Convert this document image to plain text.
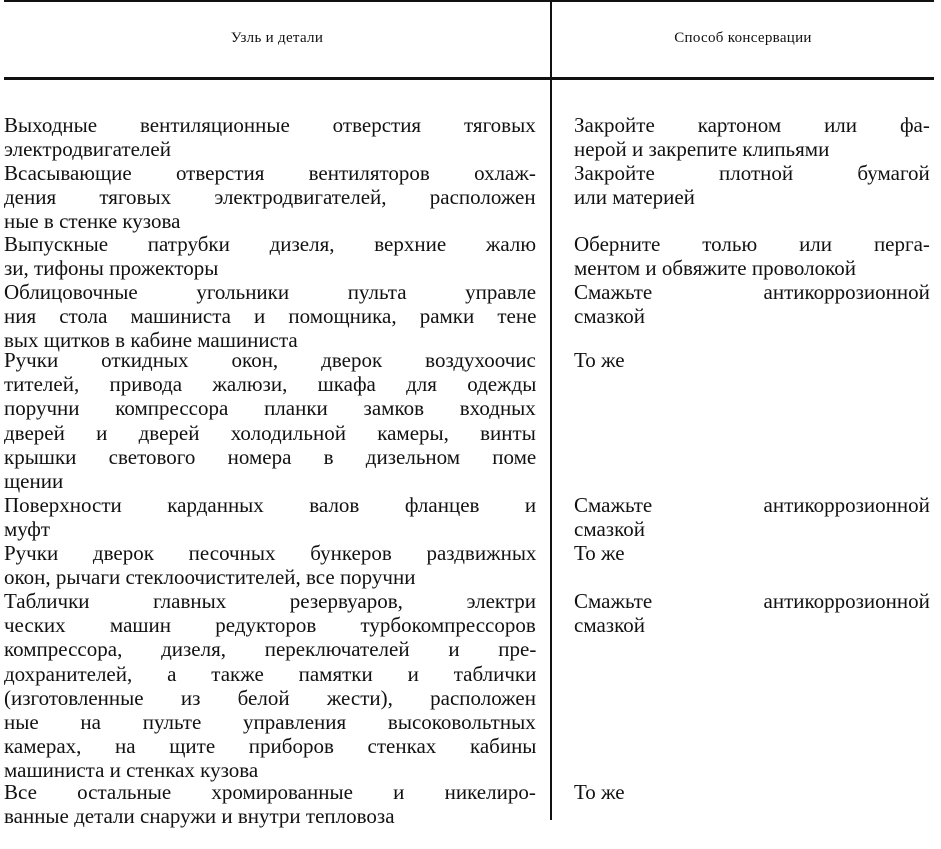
Узль и детали	Способ консервации
Выходные вентиляционные отверстия тяговых
электродвигателей
Закройте картоном или фа-
нерой и закрепите клипьями
Всасывающие отверстия вентиляторов охлаж-
дения тяговых электродвигателей, расположен
ные в стенке кузова
Закройте плотной бумагой
или материей
Выпускные патрубки дизеля, верхние жалю
зи, тифоны прожекторы
Оберните толью или перга-
ментом и обвяжите проволокой
Облицовочные угольники пульта управле
ния стола машиниста и помощника, рамки тене
вых щитков в кабине машиниста
Смажьте антикоррозионной
смазкой
Ручки откидных окон, дверок воздухоочис
тителей, привода жалюзи, шкафа для одежды
поручни компрессора планки замков входных
дверей и дверей холодильной камеры, винты
крышки светового номера в дизельном поме
щении
То же
Поверхности карданных валов фланцев и
муфт
Смажьте антикоррозионной
смазкой
Ручки дверок песочных бункеров раздвижных
окон, рычаги стеклоочистителей, все поручни
То же
Таблички главных резервуаров, электри
ческих машин редукторов турбокомпрессоров
компрессора, дизеля, переключателей и пре-
дохранителей, а также памятки и таблички
(изготовленные из белой жести), расположен
ные на пульте управления высоковольтных
камерах, на щите приборов стенках кабины
машиниста и стенках кузова
Смажьте антикоррозионной
смазкой
Все остальные хромированные и никелиро-
ванные детали снаружи и внутри тепловоза
То же
